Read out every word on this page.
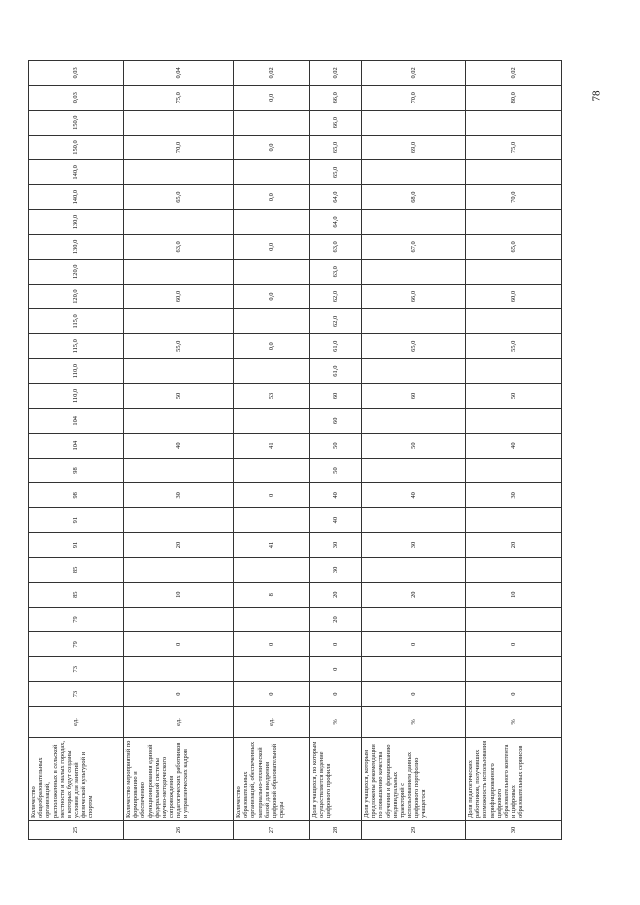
25	Количество общеобразовательных организаций, расположенных в сельской местности и малых городах, в которых будут созданы условия для занятий физической культурой и спортом	ед.	73	73	79	79	85	85	91	91	98	98	104	104	110,0	110,0	115,0	115,0	120,0	120,0	130,0	130,0	140,0	140,0	150,0	150,0	0,03	0,03
26	Количество мероприятий по формированию и обеспечению функционирования единой федеральной системы научно-методического сопровождения педагогических работников и управленческих кадров	ед.	0		0		10		20		30		40		50		55,0		60,0		63,0		65,0		70,0		75,0	0,04
27	Количество образовательных организаций, обеспеченных материально-технической базой для внедрения цифровой образовательной среды	ед.	0		0		8		41		0		41		53		0,0		0,0		0,0		0,0		0,0		0,0	0,02
28	Доля учащихся, по которым осуществляется ведение цифрового профиля	%	0	0	0	20	20	30	30	40	40	50	50	60	60	61,0	61,0	62,0	62,0	63,0	63,0	64,0	64,0	65,0	65,0	66,0	66,0	0,02
29	Доля учащихся, которым предложены рекомендации по повышению качества обучения и формированию индивидуальных траекторий с использованием данных цифрового портфолио учащегося	%	0		0		20		30		40		50		60		65,0		66,0		67,0		68,0		69,0		70,0	0,02
30	Доля педагогических работников, получивших возможность использования верифицированного цифрового образовательного контента и цифровых образовательных сервисов	%	0		0		10		20		30		40		50		55,0		60,0		65,0		70,0		75,0		80,0	0,02
78
